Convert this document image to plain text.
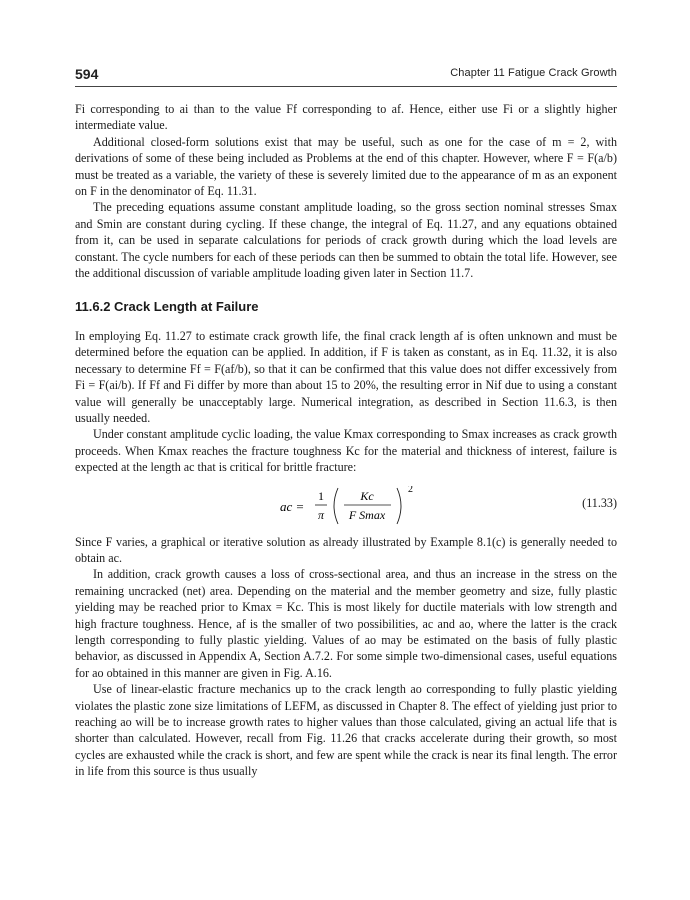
594	Chapter 11 Fatigue Crack Growth

Fi corresponding to ai than to the value Ff corresponding to af. Hence, either use Fi or a slightly higher intermediate value.

Additional closed-form solutions exist that may be useful, such as one for the case of m = 2, with derivations of some of these being included as Problems at the end of this chapter. However, where F = F(a/b) must be treated as a variable, the variety of these is severely limited due to the appearance of m as an exponent on F in the denominator of Eq. 11.31.

The preceding equations assume constant amplitude loading, so the gross section nominal stresses Smax and Smin are constant during cycling. If these change, the integral of Eq. 11.27, and any equations obtained from it, can be used in separate calculations for periods of crack growth during which the load levels are constant. The cycle numbers for each of these periods can then be summed to obtain the total life. However, see the additional discussion of variable amplitude loading given later in Section 11.7.

11.6.2 Crack Length at Failure

In employing Eq. 11.27 to estimate crack growth life, the final crack length af is often unknown and must be determined before the equation can be applied. In addition, if F is taken as constant, as in Eq. 11.32, it is also necessary to determine Ff = F(af/b), so that it can be confirmed that this value does not differ excessively from Fi = F(ai/b). If Ff and Fi differ by more than about 15 to 20%, the resulting error in Nif due to using a constant value will generally be unacceptably large. Numerical integration, as described in Section 11.6.3, is then usually needed.

Under constant amplitude cyclic loading, the value Kmax corresponding to Smax increases as crack growth proceeds. When Kmax reaches the fracture toughness Kc for the material and thickness of interest, failure is expected at the length ac that is critical for brittle fracture:

ac =
1
π
Kc
F Smax
2
(11.33)

Since F varies, a graphical or iterative solution as already illustrated by Example 8.1(c) is generally needed to obtain ac.

In addition, crack growth causes a loss of cross-sectional area, and thus an increase in the stress on the remaining uncracked (net) area. Depending on the material and the member geometry and size, fully plastic yielding may be reached prior to Kmax = Kc. This is most likely for ductile materials with low strength and high fracture toughness. Hence, af is the smaller of two possibilities, ac and ao, where the latter is the crack length corresponding to fully plastic yielding. Values of ao may be estimated on the basis of fully plastic behavior, as discussed in Appendix A, Section A.7.2. For some simple two-dimensional cases, useful equations for ao obtained in this manner are given in Fig. A.16.

Use of linear-elastic fracture mechanics up to the crack length ao corresponding to fully plastic yielding violates the plastic zone size limitations of LEFM, as discussed in Chapter 8. The effect of yielding just prior to reaching ao will be to increase growth rates to higher values than those calculated, giving an actual life that is shorter than calculated. However, recall from Fig. 11.26 that cracks accelerate during their growth, so most cycles are exhausted while the crack is short, and few are spent while the crack is near its final length. The error in life from this source is thus usually
